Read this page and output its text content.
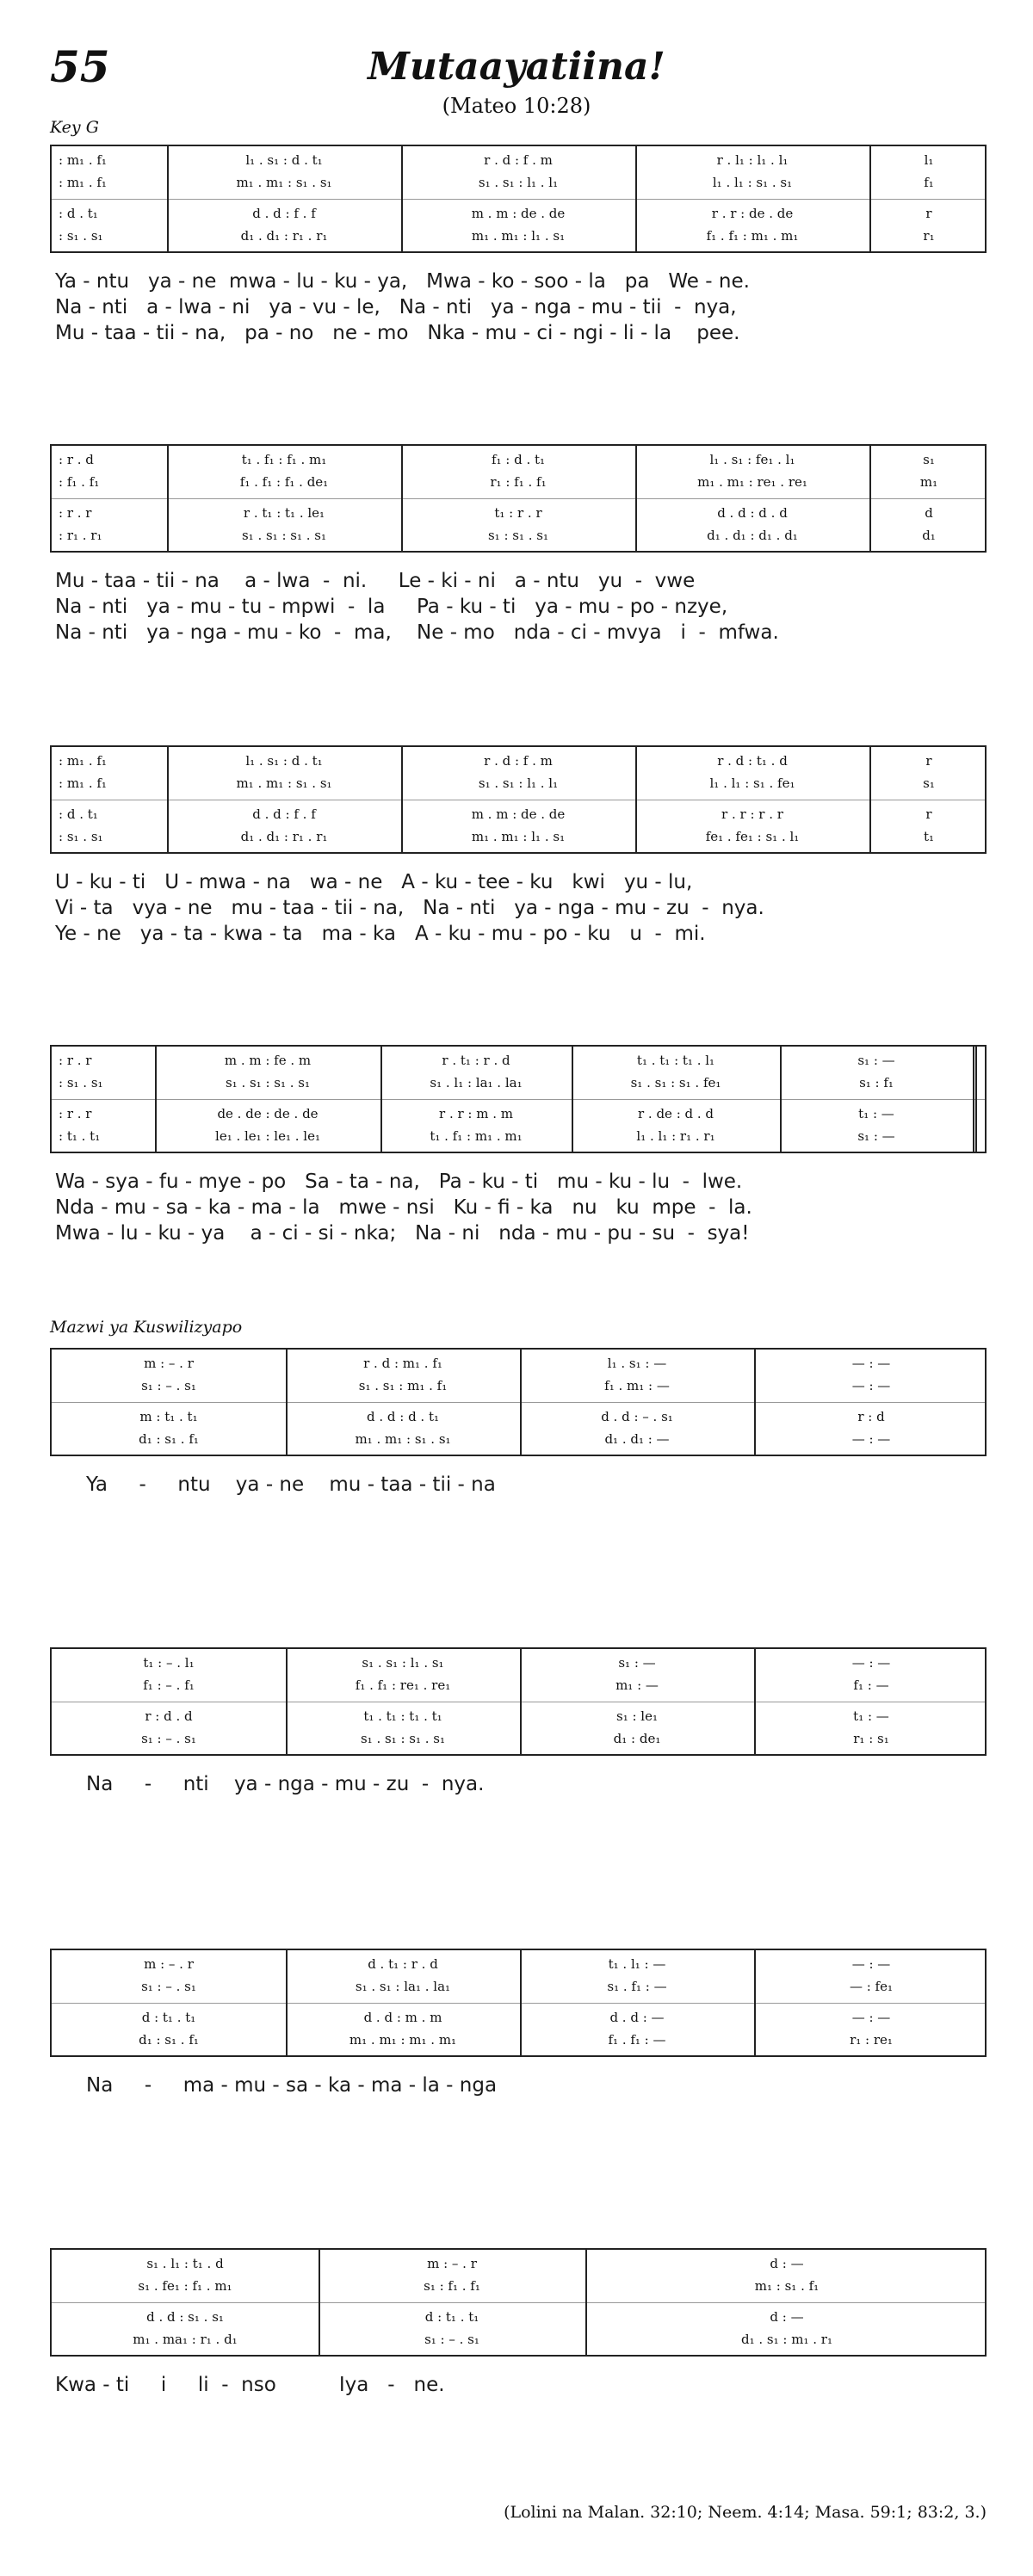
55	Mutaayatiina!
(Mateo 10:28)
Key G
Mazwi ya Kuswilizyapo
: m₁ . f₁	l₁ . s₁ : d . t₁	r . d : f . m	r . l₁ : l₁ . l₁	l₁
: m₁ . f₁	m₁ . m₁ : s₁ . s₁	s₁ . s₁ : l₁ . l₁	l₁ . l₁ : s₁ . s₁	f₁
: d . t₁	d . d : f . f	m . m : de . de	r . r : de . de	r
: s₁ . s₁	d₁ . d₁ : r₁ . r₁	m₁ . m₁ : l₁ . s₁	f₁ . f₁ : m₁ . m₁	r₁
: r . d	t₁ . f₁ : f₁ . m₁	f₁ : d . t₁	l₁ . s₁ : fe₁ . l₁	s₁
: f₁ . f₁	f₁ . f₁ : f₁ . de₁	r₁ : f₁ . f₁	m₁ . m₁ : re₁ . re₁	m₁
: r . r	r . t₁ : t₁ . le₁	t₁ : r . r	d . d : d . d	d
: r₁ . r₁	s₁ . s₁ : s₁ . s₁	s₁ : s₁ . s₁	d₁ . d₁ : d₁ . d₁	d₁
: m₁ . f₁	l₁ . s₁ : d . t₁	r . d : f . m	r . d : t₁ . d	r
: m₁ . f₁	m₁ . m₁ : s₁ . s₁	s₁ . s₁ : l₁ . l₁	l₁ . l₁ : s₁ . fe₁	s₁
: d . t₁	d . d : f . f	m . m : de . de	r . r : r . r	r
: s₁ . s₁	d₁ . d₁ : r₁ . r₁	m₁ . m₁ : l₁ . s₁	fe₁ . fe₁ : s₁ . l₁	t₁
: r . r	m . m : fe . m	r . t₁ : r . d	t₁ . t₁ : t₁ . l₁	s₁ : —
: s₁ . s₁	s₁ . s₁ : s₁ . s₁	s₁ . l₁ : la₁ . la₁	s₁ . s₁ : s₁ . fe₁	s₁ : f₁
: r . r	de . de : de . de	r . r : m . m	r . de : d . d	t₁ : —
: t₁ . t₁	le₁ . le₁ : le₁ . le₁	t₁ . f₁ : m₁ . m₁	l₁ . l₁ : r₁ . r₁	s₁ : —
m : – . r	r . d : m₁ . f₁	l₁ . s₁ : —	— : —
s₁ : – . s₁	s₁ . s₁ : m₁ . f₁	f₁ . m₁ : —	— : —
m : t₁ . t₁	d . d : d . t₁	d . d : – . s₁	r : d
d₁ : s₁ . f₁	m₁ . m₁ : s₁ . s₁	d₁ . d₁ : —	— : —
t₁ : – . l₁	s₁ . s₁ : l₁ . s₁	s₁ : —	— : —
f₁ : – . f₁	f₁ . f₁ : re₁ . re₁	m₁ : —	f₁ : —
r : d . d	t₁ . t₁ : t₁ . t₁	s₁ : le₁	t₁ : —
s₁ : – . s₁	s₁ . s₁ : s₁ . s₁	d₁ : de₁	r₁ : s₁
m : – . r	d . t₁ : r . d	t₁ . l₁ : —	— : —
s₁ : – . s₁	s₁ . s₁ : la₁ . la₁	s₁ . f₁ : —	— : fe₁
d : t₁ . t₁	d . d : m . m	d . d : —	— : —
d₁ : s₁ . f₁	m₁ . m₁ : m₁ . m₁	f₁ . f₁ : —	r₁ : re₁
s₁ . l₁ : t₁ . d	m : – . r	d : —
s₁ . fe₁ : f₁ . m₁	s₁ : f₁ . f₁	m₁ : s₁ . f₁
d . d : s₁ . s₁	d : t₁ . t₁	d : —
m₁ . ma₁ : r₁ . d₁	s₁ : – . s₁	d₁ . s₁ : m₁ . r₁
Ya - ntu   ya - ne  mwa - lu - ku - ya,   Mwa - ko - soo - la   pa   We - ne.
Na - nti   a - lwa - ni   ya - vu - le,   Na - nti   ya - nga - mu - tii  -  nya,
Mu - taa - tii - na,   pa - no   ne - mo   Nka - mu - ci - ngi - li - la    pee.
Mu - taa - tii - na    a - lwa  -  ni.     Le - ki - ni   a - ntu   yu  -  vwe
Na - nti   ya - mu - tu - mpwi  -  la     Pa - ku - ti   ya - mu - po - nzye,
Na - nti   ya - nga - mu - ko  -  ma,    Ne - mo   nda - ci - mvya   i  -  mfwa.
U - ku - ti   U - mwa - na   wa - ne   A - ku - tee - ku   kwi   yu - lu,
Vi - ta   vya - ne   mu - taa - tii - na,   Na - nti   ya - nga - mu - zu  -  nya.
Ye - ne   ya - ta - kwa - ta   ma - ka   A - ku - mu - po - ku   u  -  mi.
Wa - sya - fu - mye - po   Sa - ta - na,   Pa - ku - ti   mu - ku - lu  -  lwe.
Nda - mu - sa - ka - ma - la   mwe - nsi   Ku - fi - ka   nu   ku  mpe  -  la.
Mwa - lu - ku - ya    a - ci - si - nka;   Na - ni   nda - mu - pu - su  -  sya!
Ya     -     ntu    ya - ne    mu - taa - tii - na
Na     -     nti    ya - nga - mu - zu  -  nya.
Na     -     ma - mu - sa - ka - ma - la - nga
Kwa - ti     i     li  -  nso          Iya   -   ne.
(Lolini na Malan. 32:10; Neem. 4:14; Masa. 59:1; 83:2, 3.)
